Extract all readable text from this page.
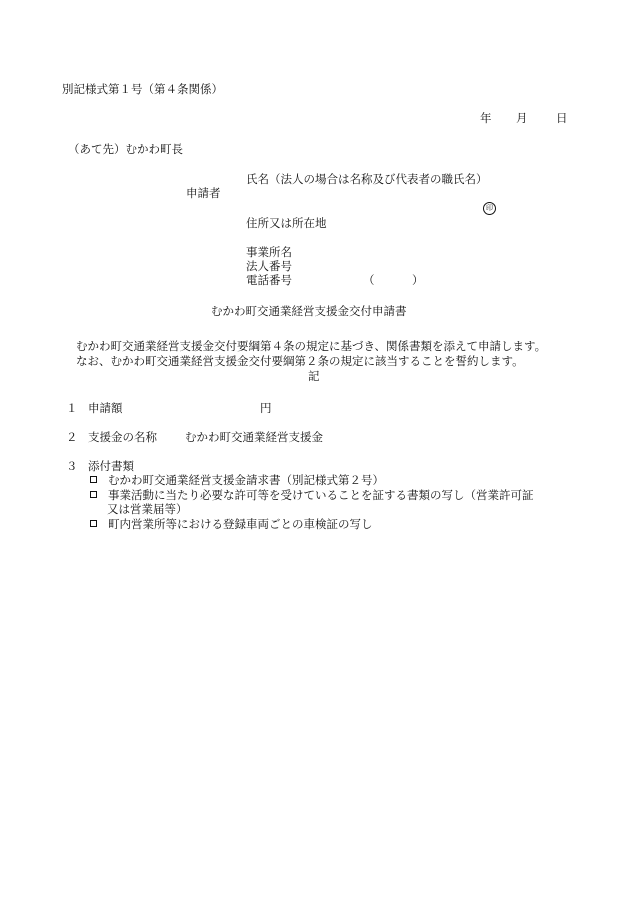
別記様式第１号（第４条関係）
年 月 日
（あて先）むかわ町長
氏名（法人の場合は名称及び代表者の職氏名）
申請者
印
住所又は所在地
事業所名
法人番号
電話番号	（	）
むかわ町交通業経営支援金交付申請書
むかわ町交通業経営支援金交付要綱第４条の規定に基づき、関係書類を添えて申請します。
なお、むかわ町交通業経営支援金交付要綱第２条の規定に該当することを誓約します。
記
１ 申請額	円
２ 支援金の名称 むかわ町交通業経営支援金
３ 添付書類
むかわ町交通業経営支援金請求書（別記様式第２号）
事業活動に当たり必要な許可等を受けていることを証する書類の写し（営業許可証
又は営業届等）
町内営業所等における登録車両ごとの車検証の写し
